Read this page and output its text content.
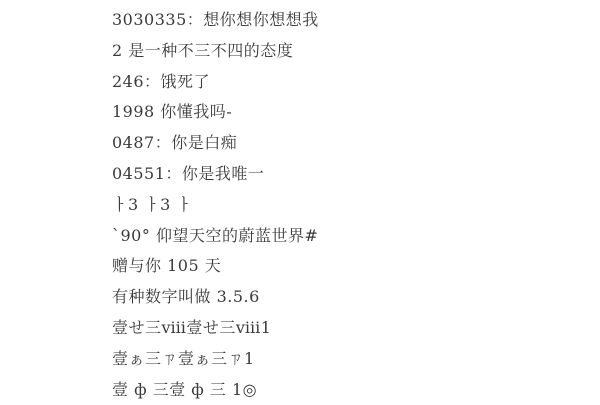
3030335：想你想你想想我
2 是一种不三不四的态度
246：饿死了
1998 你懂我吗-
0487：你是白痴
04551：你是我唯一
ㅏ3 ㅏ3 ㅏ
`90° 仰望天空的蔚蓝世界#
赠与你 105 天
有种数字叫做 3.5.6
壹せ三ⅷ壹せ三ⅷ1
壹ぁ三ㄗ壹ぁ三ㄗ1
壹 ф 三壹 ф 三 1◎
